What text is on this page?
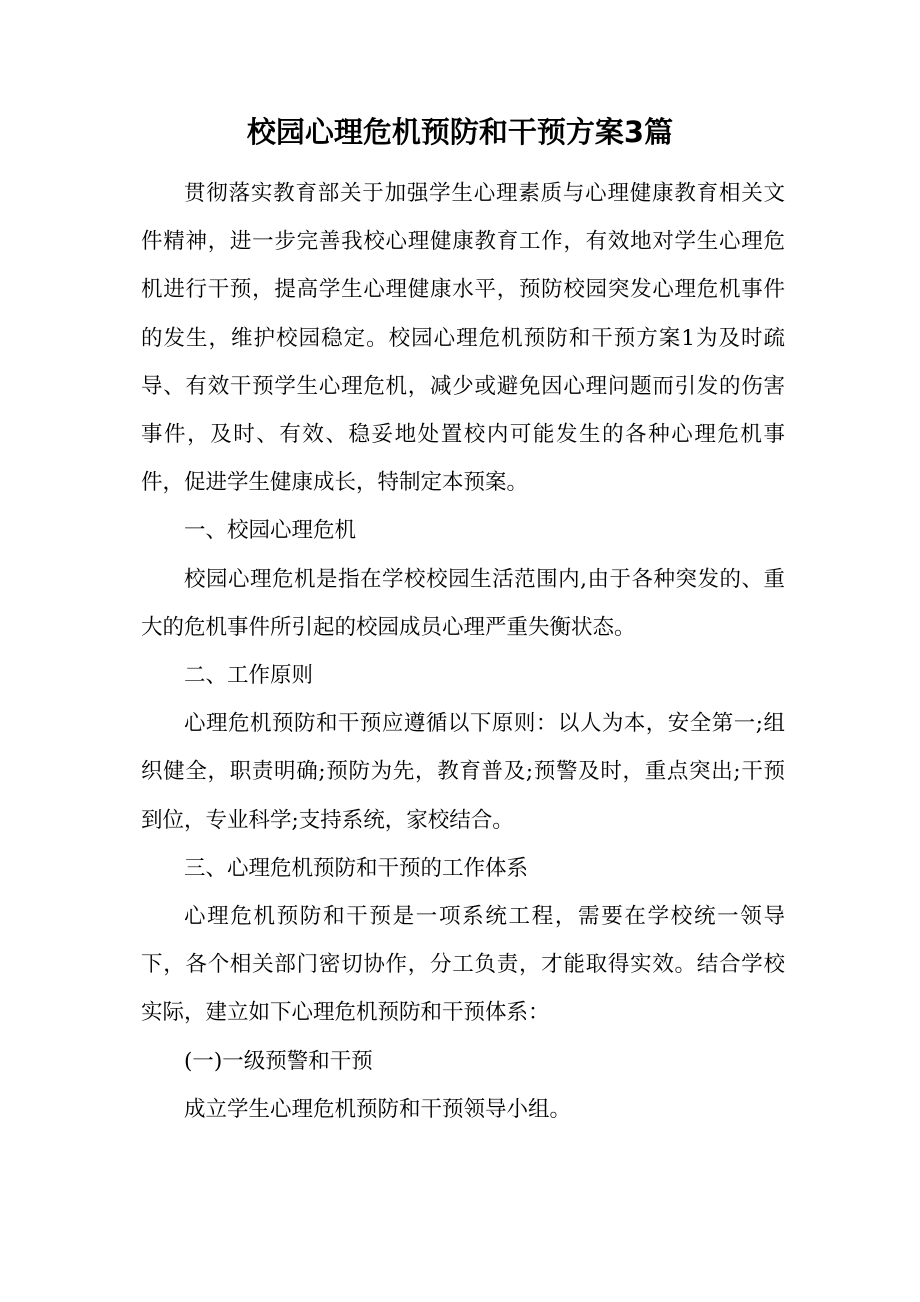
校园心理危机预防和干预方案3篇

贯彻落实教育部关于加强学生心理素质与心理健康教育相关文件精神，进一步完善我校心理健康教育工作，有效地对学生心理危机进行干预，提高学生心理健康水平，预防校园突发心理危机事件的发生，维护校园稳定。校园心理危机预防和干预方案1为及时疏导、有效干预学生心理危机，减少或避免因心理问题而引发的伤害事件，及时、有效、稳妥地处置校内可能发生的各种心理危机事件，促进学生健康成长，特制定本预案。

一、校园心理危机

校园心理危机是指在学校校园生活范围内,由于各种突发的、重大的危机事件所引起的校园成员心理严重失衡状态。

二、工作原则

心理危机预防和干预应遵循以下原则：以人为本，安全第一;组织健全，职责明确;预防为先，教育普及;预警及时，重点突出;干预到位，专业科学;支持系统，家校结合。

三、心理危机预防和干预的工作体系

心理危机预防和干预是一项系统工程，需要在学校统一领导下，各个相关部门密切协作，分工负责，才能取得实效。结合学校实际，建立如下心理危机预防和干预体系：

(一)一级预警和干预

成立学生心理危机预防和干预领导小组。
